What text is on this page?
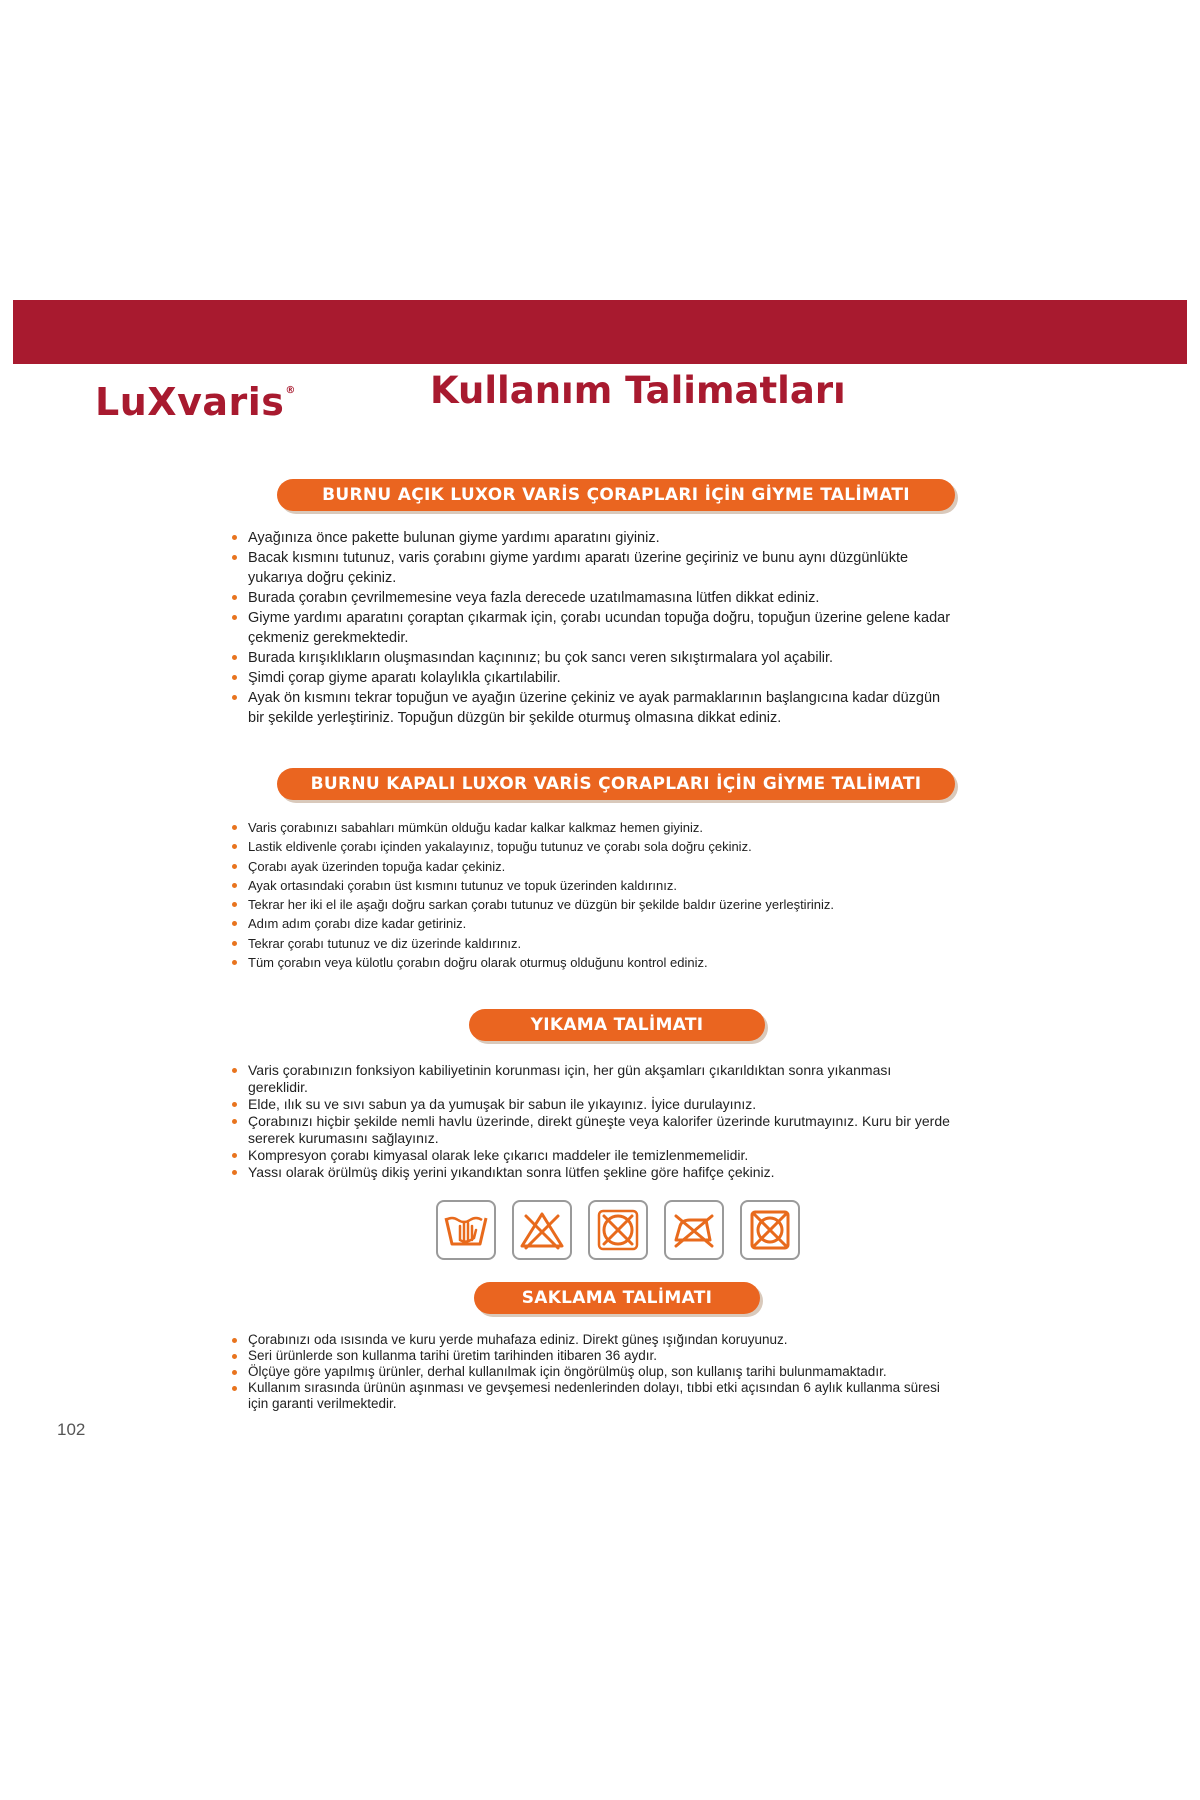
LuXvaris®	Kullanım Talimatları
BURNU AÇIK LUXOR VARİS ÇORAPLARI İÇİN GİYME TALİMATI
Ayağınıza önce pakette bulunan giyme yardımı aparatını giyiniz.
Bacak kısmını tutunuz, varis çorabını giyme yardımı aparatı üzerine geçiriniz ve bunu aynı düzgünlükte yukarıya doğru çekiniz.
Burada çorabın çevrilmemesine veya fazla derecede uzatılmamasına lütfen dikkat ediniz.
Giyme yardımı aparatını çoraptan çıkarmak için, çorabı ucundan topuğa doğru, topuğun üzerine gelene kadar çekmeniz gerekmektedir.
Burada kırışıklıkların oluşmasından kaçınınız; bu çok sancı veren sıkıştırmalara yol açabilir.
Şimdi çorap giyme aparatı kolaylıkla çıkartılabilir.
Ayak ön kısmını tekrar topuğun ve ayağın üzerine çekiniz ve ayak parmaklarının başlangıcına kadar düzgün bir şekilde yerleştiriniz. Topuğun düzgün bir şekilde oturmuş olmasına dikkat ediniz.
BURNU KAPALI LUXOR VARİS ÇORAPLARI İÇİN GİYME TALİMATI
Varis çorabınızı sabahları mümkün olduğu kadar kalkar kalkmaz hemen giyiniz.
Lastik eldivenle çorabı içinden yakalayınız, topuğu tutunuz ve çorabı sola doğru çekiniz.
Çorabı ayak üzerinden topuğa kadar çekiniz.
Ayak ortasındaki çorabın üst kısmını tutunuz ve topuk üzerinden kaldırınız.
Tekrar her iki el ile aşağı doğru sarkan çorabı tutunuz ve düzgün bir şekilde baldır üzerine yerleştiriniz.
Adım adım çorabı dize kadar getiriniz.
Tekrar çorabı tutunuz ve diz üzerinde kaldırınız.
Tüm çorabın veya külotlu çorabın doğru olarak oturmuş olduğunu kontrol ediniz.
YIKAMA TALİMATI
Varis çorabınızın fonksiyon kabiliyetinin korunması için, her gün akşamları çıkarıldıktan sonra yıkanması gereklidir.
Elde, ılık su ve sıvı sabun ya da yumuşak bir sabun ile yıkayınız. İyice durulayınız.
Çorabınızı hiçbir şekilde nemli havlu üzerinde, direkt güneşte veya kalorifer üzerinde kurutmayınız. Kuru bir yerde sererek kurumasını sağlayınız.
Kompresyon çorabı kimyasal olarak leke çıkarıcı maddeler ile temizlenmemelidir.
Yassı olarak örülmüş dikiş yerini yıkandıktan sonra lütfen şekline göre hafifçe çekiniz.
SAKLAMA TALİMATI
Çorabınızı oda ısısında ve kuru yerde muhafaza ediniz. Direkt güneş ışığından koruyunuz.
Seri ürünlerde son kullanma tarihi üretim tarihinden itibaren 36 aydır.
Ölçüye göre yapılmış ürünler, derhal kullanılmak için öngörülmüş olup, son kullanış tarihi bulunmamaktadır.
Kullanım sırasında ürünün aşınması ve gevşemesi nedenlerinden dolayı, tıbbi etki açısından 6 aylık kullanma süresi için garanti verilmektedir.
102
